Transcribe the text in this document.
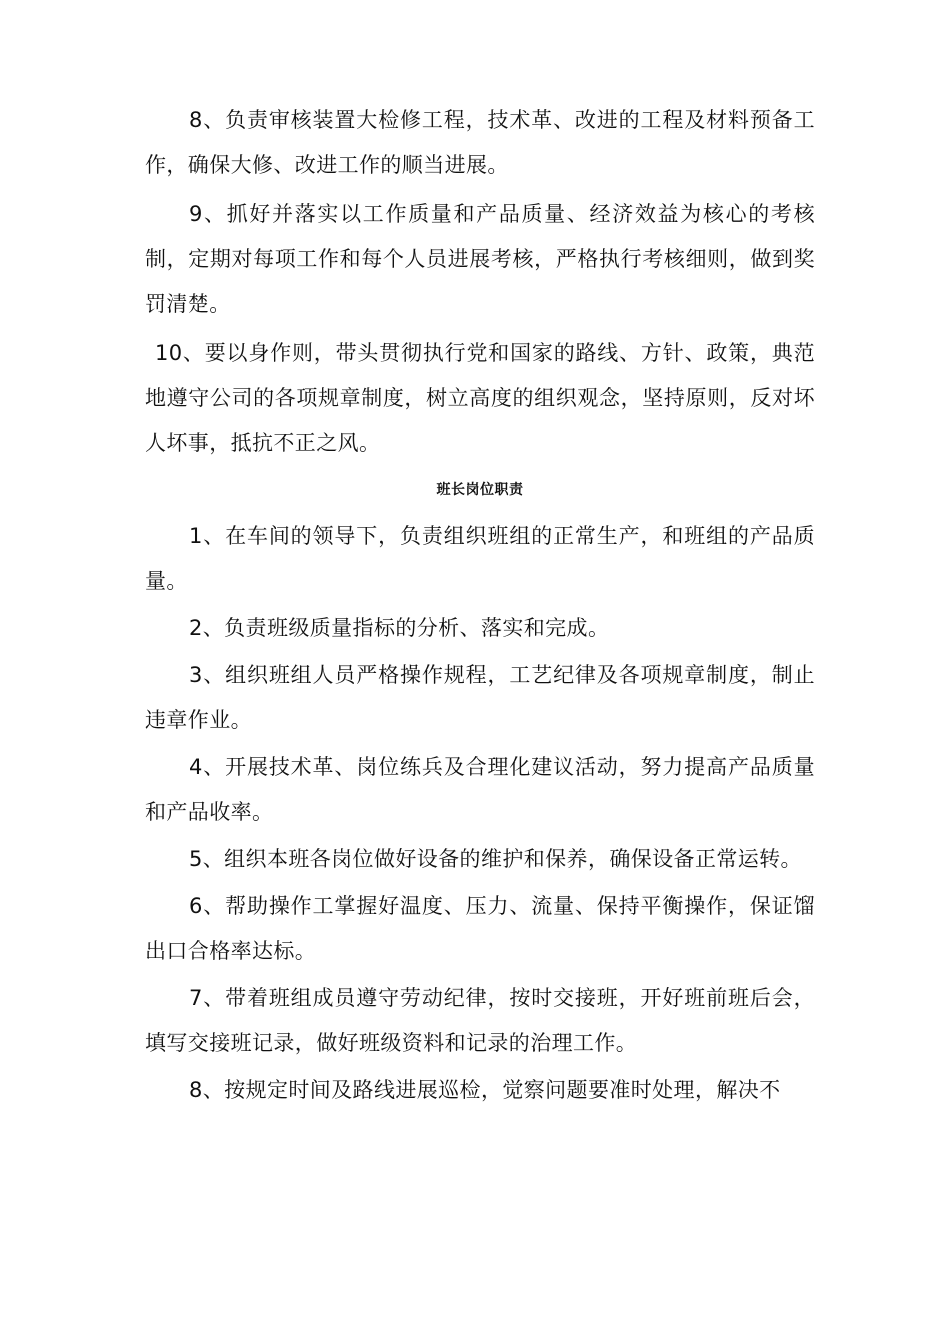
8、负责审核装置大检修工程，技术革、改进的工程及材料预备工作，确保大修、改进工作的顺当进展。

9、抓好并落实以工作质量和产品质量、经济效益为核心的考核制，定期对每项工作和每个人员进展考核，严格执行考核细则，做到奖罚清楚。

10、要以身作则，带头贯彻执行党和国家的路线、方针、政策，典范地遵守公司的各项规章制度，树立高度的组织观念，坚持原则，反对坏人坏事，抵抗不正之风。

班长岗位职责

1、在车间的领导下，负责组织班组的正常生产，和班组的产品质量。

2、负责班级质量指标的分析、落实和完成。

3、组织班组人员严格操作规程，工艺纪律及各项规章制度，制止违章作业。

4、开展技术革、岗位练兵及合理化建议活动，努力提高产品质量和产品收率。

5、组织本班各岗位做好设备的维护和保养，确保设备正常运转。

6、帮助操作工掌握好温度、压力、流量、保持平衡操作，保证馏出口合格率达标。

7、带着班组成员遵守劳动纪律，按时交接班，开好班前班后会，填写交接班记录，做好班级资料和记录的治理工作。

8、按规定时间及路线进展巡检，觉察问题要准时处理，解决不
